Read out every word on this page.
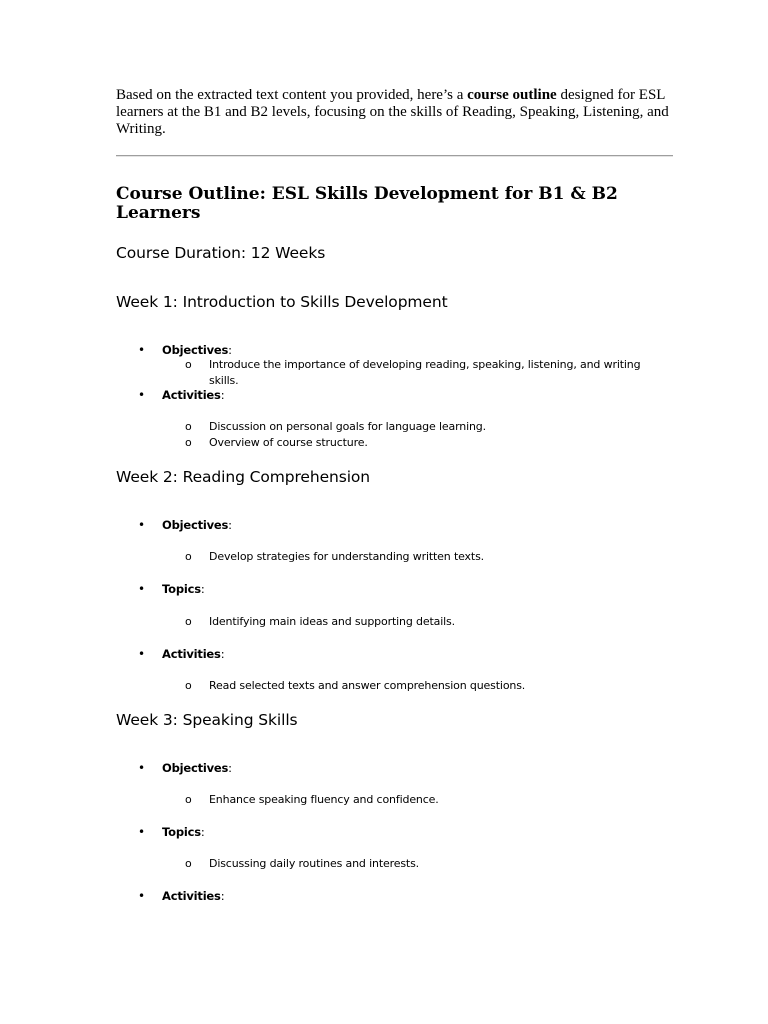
Based on the extracted text content you provided, here’s a course outline designed for ESL learners at the B1 and B2 levels, focusing on the skills of Reading, Speaking, Listening, and Writing.

Course Outline: ESL Skills Development for B1 & B2 Learners
Course Duration: 12 Weeks
Week 1: Introduction to Skills Development
• Objectives:
o Introduce the importance of developing reading, speaking, listening, and writing skills.
• Activities:
o Discussion on personal goals for language learning.
o Overview of course structure.
Week 2: Reading Comprehension
• Objectives:
o Develop strategies for understanding written texts.
• Topics:
o Identifying main ideas and supporting details.
• Activities:
o Read selected texts and answer comprehension questions.
Week 3: Speaking Skills
• Objectives:
o Enhance speaking fluency and confidence.
• Topics:
o Discussing daily routines and interests.
• Activities:
